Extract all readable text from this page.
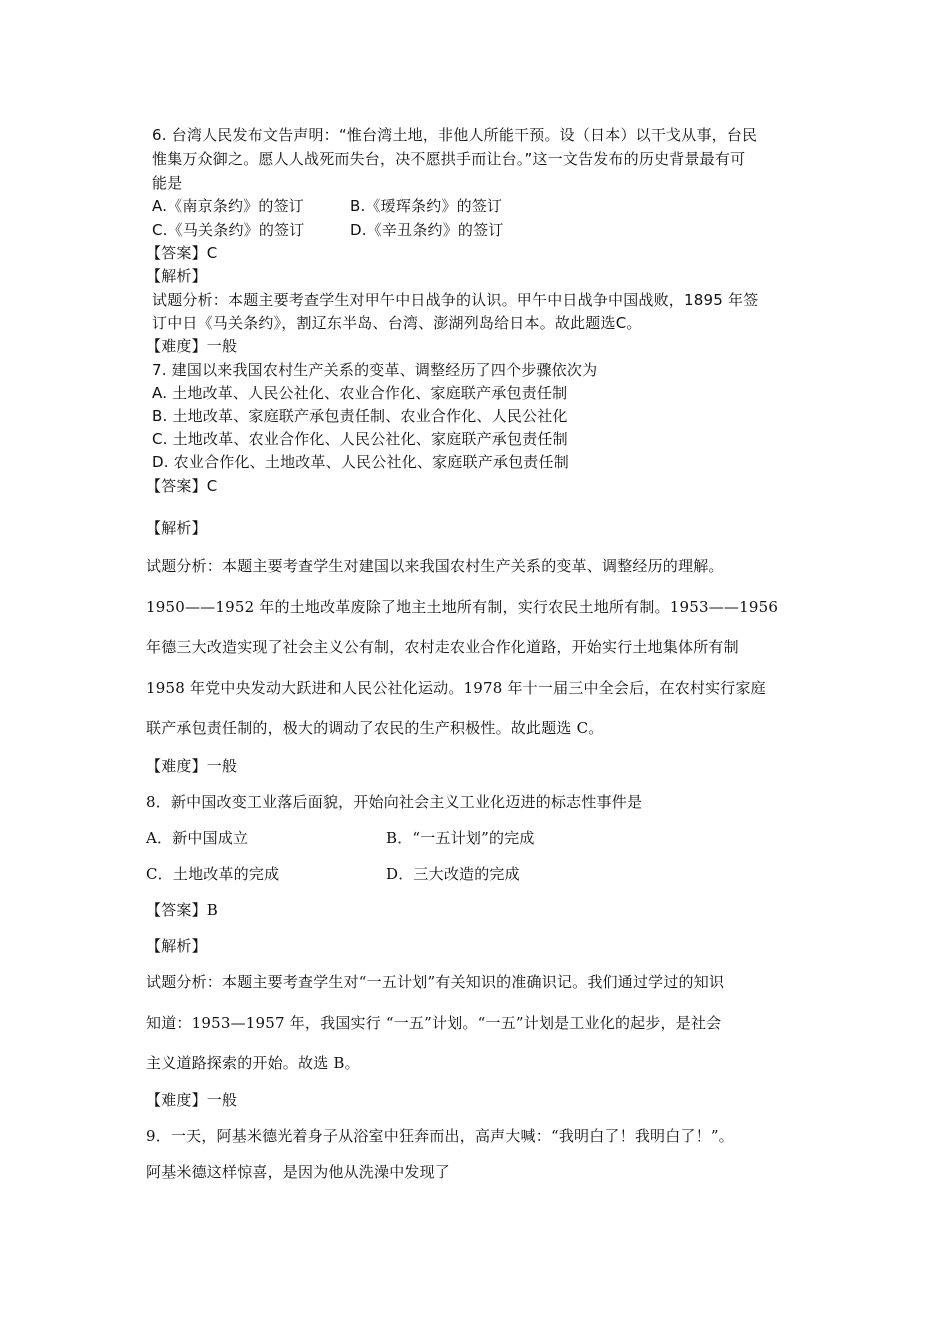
6. 台湾人民发布文告声明：“惟台湾土地，非他人所能干预。设（日本）以干戈从事，台民
惟集万众御之。愿人人战死而失台，决不愿拱手而让台。”这一文告发布的历史背景最有可
能是
A.《南京条约》的签订	B.《瑷珲条约》的签订
C.《马关条约》的签订	D.《辛丑条约》的签订
【答案】C
【解析】
试题分析：本题主要考查学生对甲午中日战争的认识。甲午中日战争中国战败，1895 年签
订中日《马关条约》，割辽东半岛、台湾、澎湖列岛给日本。故此题选C。
【难度】一般
7. 建国以来我国农村生产关系的变革、调整经历了四个步骤依次为
A. 土地改革、人民公社化、农业合作化、家庭联产承包责任制
B. 土地改革、家庭联产承包责任制、农业合作化、人民公社化
C. 土地改革、农业合作化、人民公社化、家庭联产承包责任制
D. 农业合作化、土地改革、人民公社化、家庭联产承包责任制
【答案】C
【解析】
试题分析：本题主要考查学生对建国以来我国农村生产关系的变革、调整经历的理解。
1950——1952 年的土地改革废除了地主土地所有制，实行农民土地所有制。1953——1956
年德三大改造实现了社会主义公有制，农村走农业合作化道路，开始实行土地集体所有制
1958 年党中央发动大跃进和人民公社化运动。1978 年十一届三中全会后，在农村实行家庭
联产承包责任制的，极大的调动了农民的生产积极性。故此题选 C。
【难度】一般
8．新中国改变工业落后面貌，开始向社会主义工业化迈进的标志性事件是
A．新中国成立	B．“一五计划”的完成
C．土地改革的完成	D．三大改造的完成
【答案】B
【解析】
试题分析：本题主要考查学生对“一五计划”有关知识的准确识记。我们通过学过的知识
知道：1953—1957 年，我国实行 “一五”计划。“一五”计划是工业化的起步，是社会
主义道路探索的开始。故选 B。
【难度】一般
9．一天，阿基米德光着身子从浴室中狂奔而出，高声大喊：“我明白了！我明白了！”。
阿基米德这样惊喜，是因为他从洗澡中发现了
